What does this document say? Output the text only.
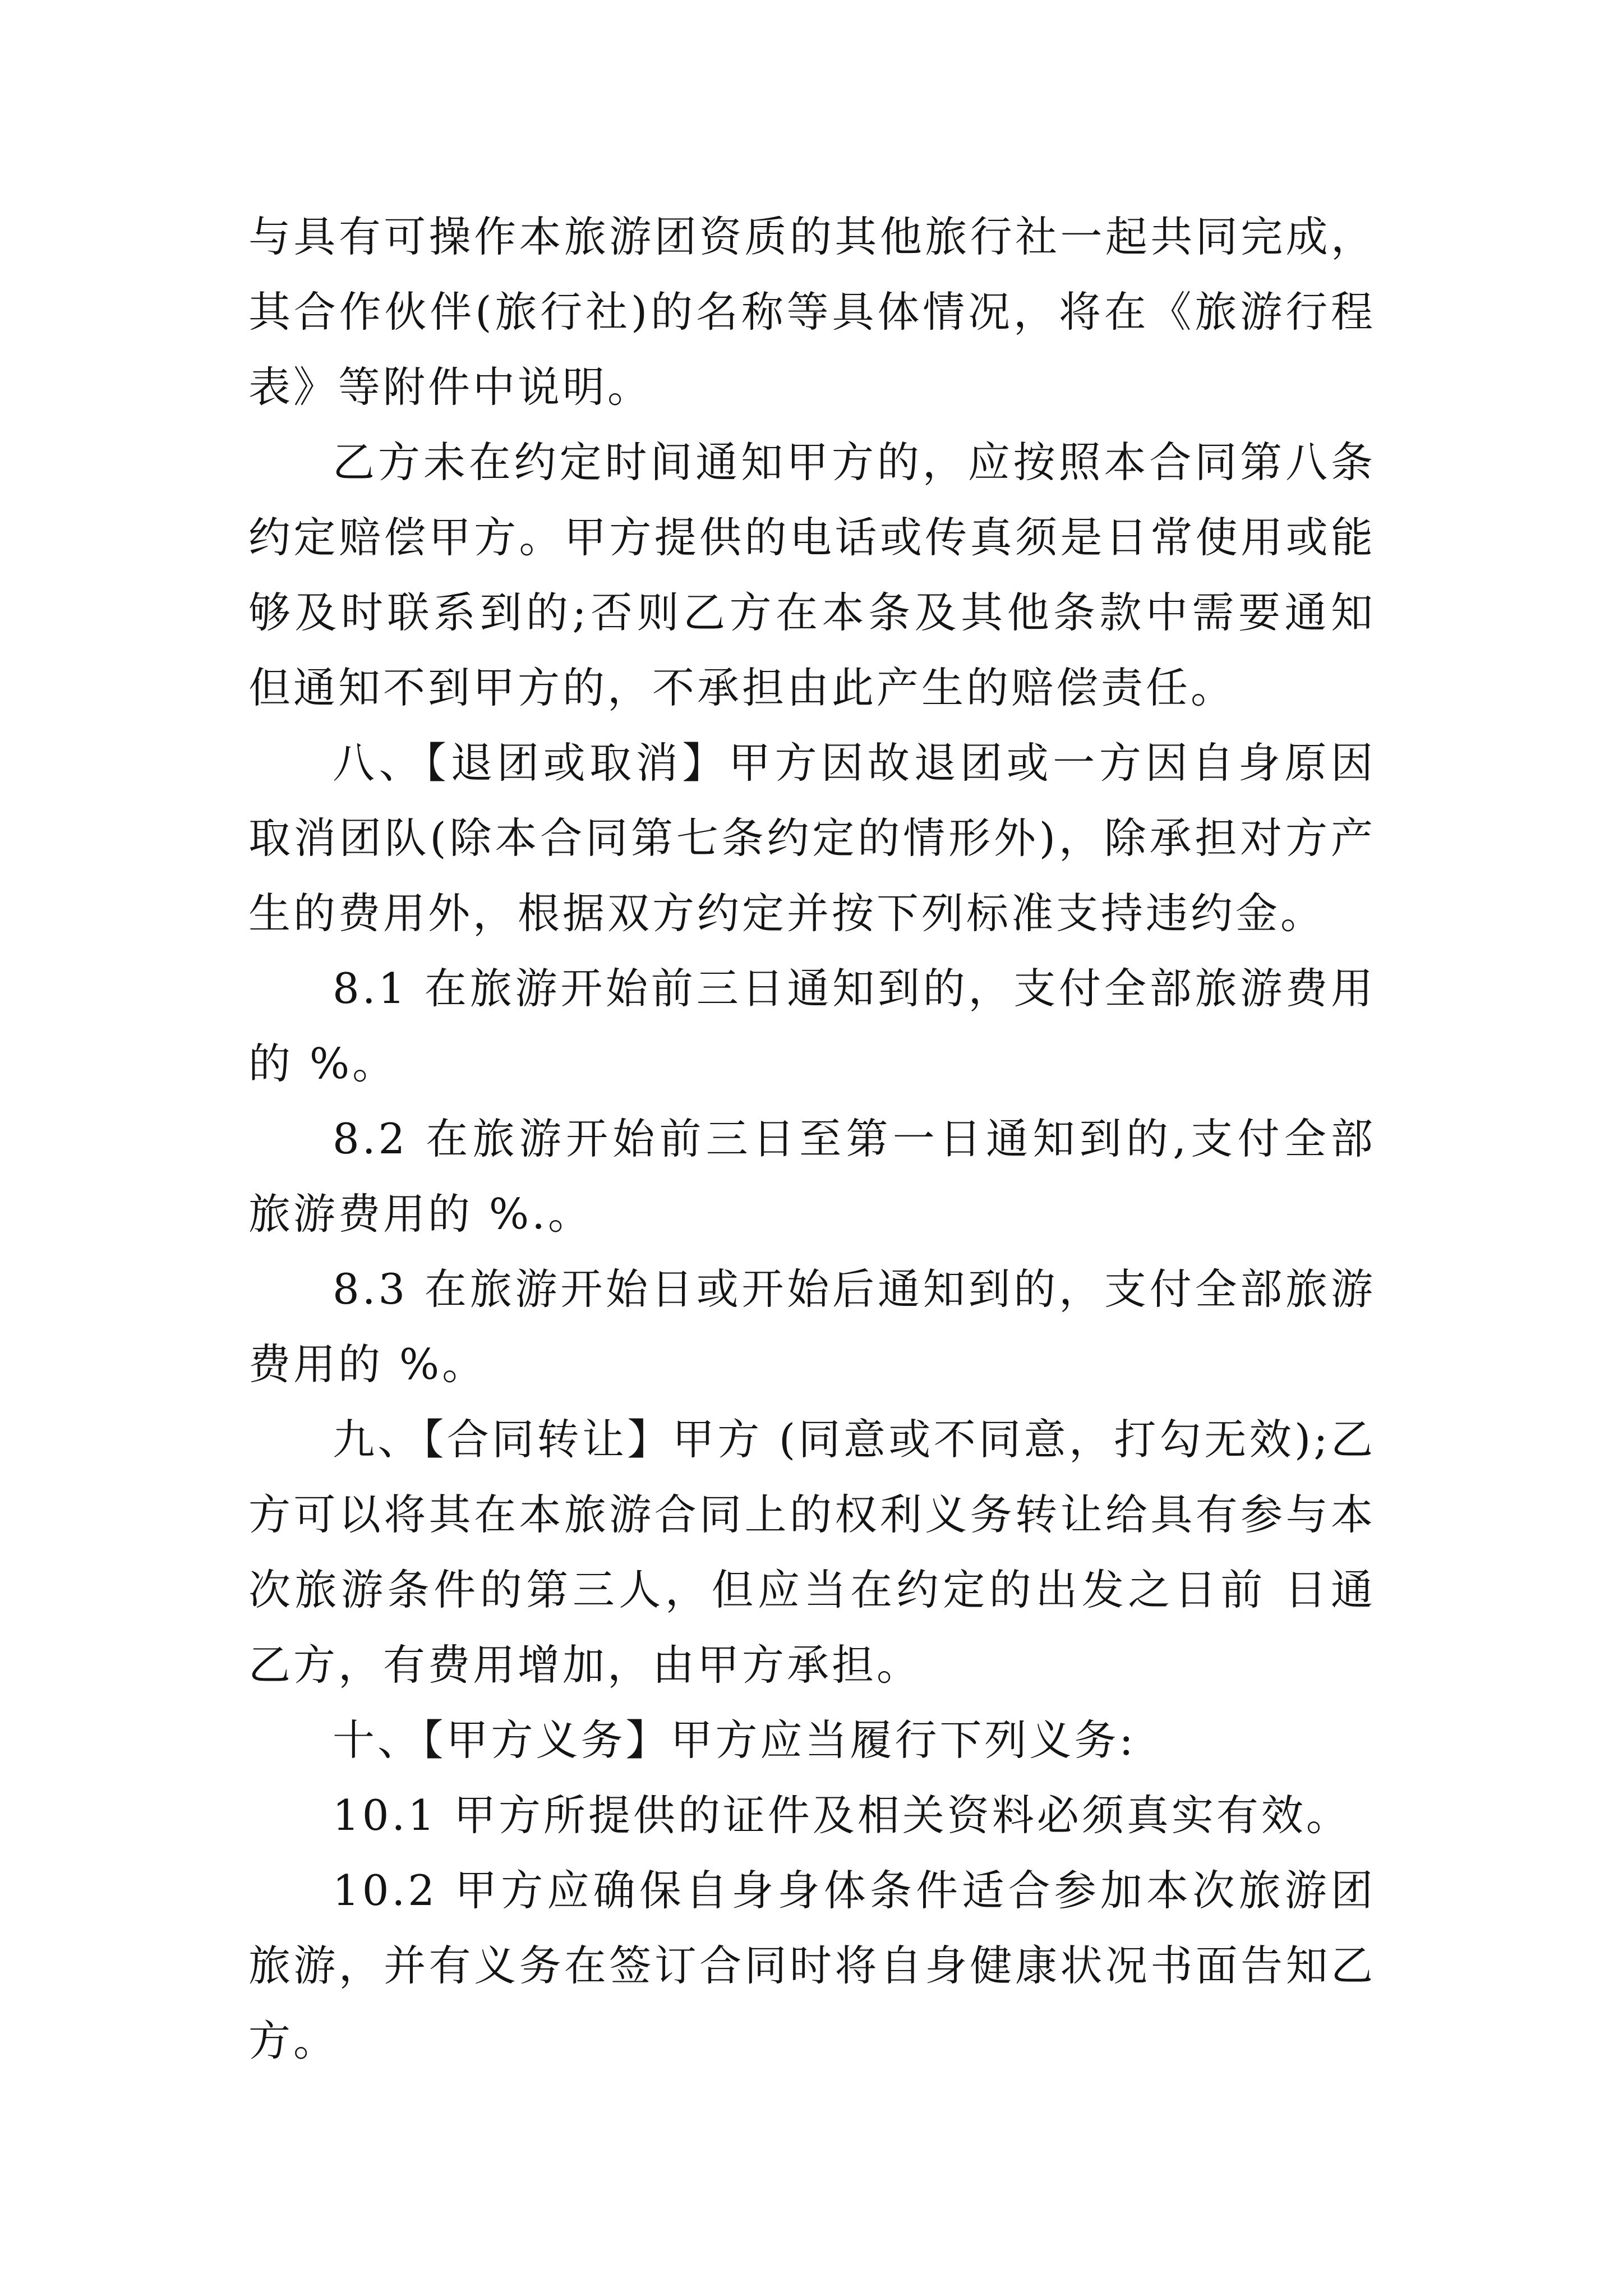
与具有可操作本旅游团资质的其他旅行社一起共同完成，其合作伙伴(旅行社)的名称等具体情况，将在《旅游行程表》等附件中说明。

乙方未在约定时间通知甲方的，应按照本合同第八条约定赔偿甲方。甲方提供的电话或传真须是日常使用或能够及时联系到的;否则乙方在本条及其他条款中需要通知但通知不到甲方的，不承担由此产生的赔偿责任。

八、【退团或取消】甲方因故退团或一方因自身原因取消团队(除本合同第七条约定的情形外)，除承担对方产生的费用外，根据双方约定并按下列标准支持违约金。

8.1 在旅游开始前三日通知到的，支付全部旅游费用的 %。

8.2 在旅游开始前三日至第一日通知到的,支付全部旅游费用的 %.。

8.3 在旅游开始日或开始后通知到的，支付全部旅游费用的 %。

九、【合同转让】甲方 (同意或不同意，打勾无效);乙方可以将其在本旅游合同上的权利义务转让给具有参与本次旅游条件的第三人，但应当在约定的出发之日前 日通乙方，有费用增加，由甲方承担。

十、【甲方义务】甲方应当履行下列义务:

10.1 甲方所提供的证件及相关资料必须真实有效。

10.2 甲方应确保自身身体条件适合参加本次旅游团旅游，并有义务在签订合同时将自身健康状况书面告知乙方。
